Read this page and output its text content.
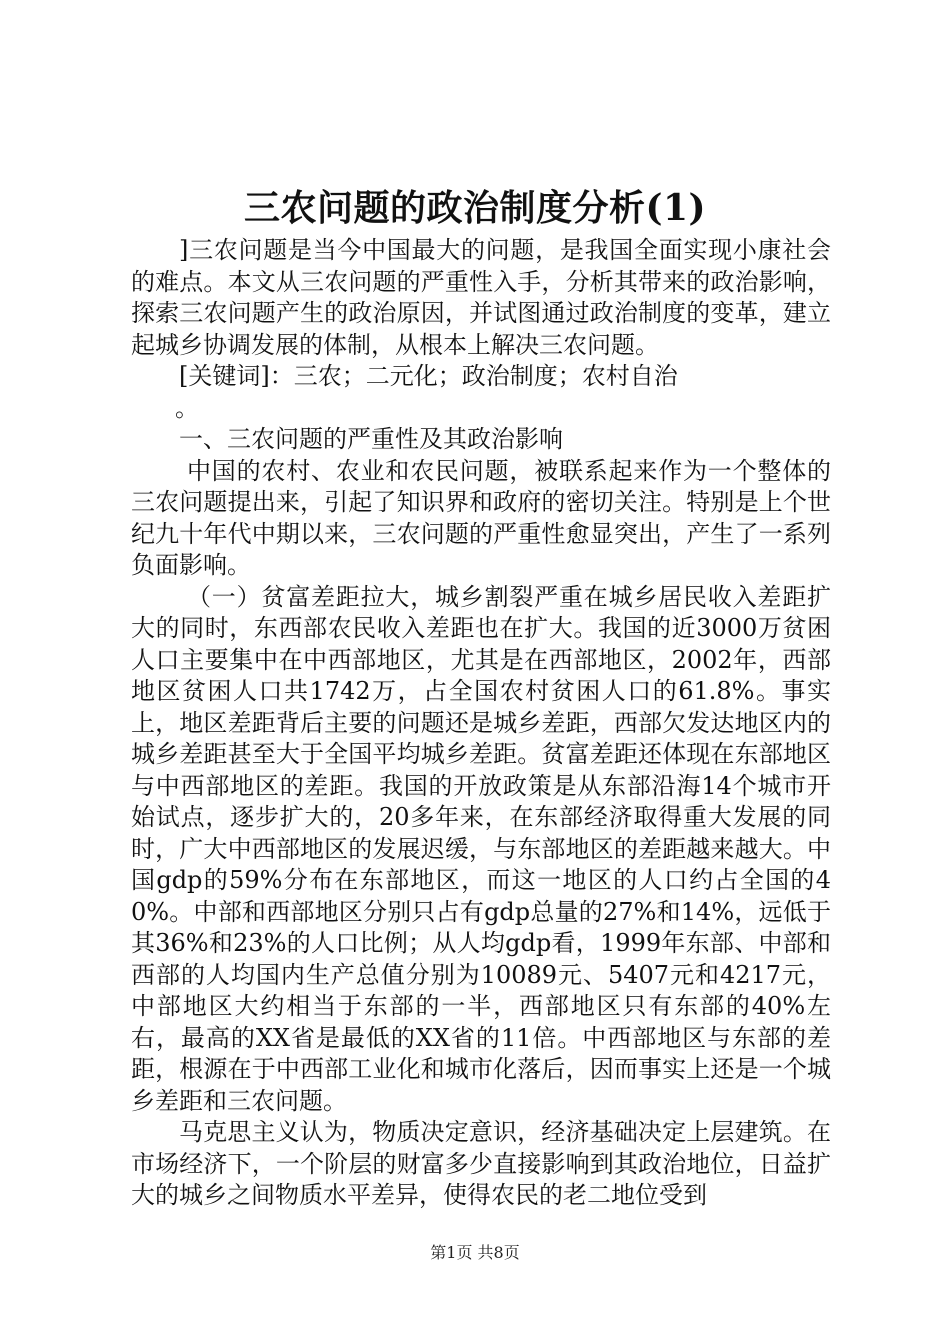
三农问题的政治制度分析(1)

]三农问题是当今中国最大的问题，是我国全面实现小康社会的难点。本文从三农问题的严重性入手，分析其带来的政治影响，探索三农问题产生的政治原因，并试图通过政治制度的变革，建立起城乡协调发展的体制，从根本上解决三农问题。

[关键词]：三农；二元化；政治制度；农村自治

。

一、三农问题的严重性及其政治影响

中国的农村、农业和农民问题，被联系起来作为一个整体的三农问题提出来，引起了知识界和政府的密切关注。特别是上个世纪九十年代中期以来，三农问题的严重性愈显突出，产生了一系列负面影响。

（一）贫富差距拉大，城乡割裂严重在城乡居民收入差距扩大的同时，东西部农民收入差距也在扩大。我国的近3000万贫困人口主要集中在中西部地区，尤其是在西部地区，2002年，西部地区贫困人口共1742万，占全国农村贫困人口的61.8%。事实上，地区差距背后主要的问题还是城乡差距，西部欠发达地区内的城乡差距甚至大于全国平均城乡差距。贫富差距还体现在东部地区与中西部地区的差距。我国的开放政策是从东部沿海14个城市开始试点，逐步扩大的，20多年来，在东部经济取得重大发展的同时，广大中西部地区的发展迟缓，与东部地区的差距越来越大。中国gdp的59%分布在东部地区，而这一地区的人口约占全国的40%。中部和西部地区分别只占有gdp总量的27%和14%，远低于其36%和23%的人口比例；从人均gdp看，1999年东部、中部和西部的人均国内生产总值分别为10089元、5407元和4217元，中部地区大约相当于东部的一半，西部地区只有东部的40%左右，最高的XX省是最低的XX省的11倍。中西部地区与东部的差距，根源在于中西部工业化和城市化落后，因而事实上还是一个城乡差距和三农问题。

马克思主义认为，物质决定意识，经济基础决定上层建筑。在市场经济下，一个阶层的财富多少直接影响到其政治地位，日益扩大的城乡之间物质水平差异，使得农民的老二地位受到

第1页 共8页
